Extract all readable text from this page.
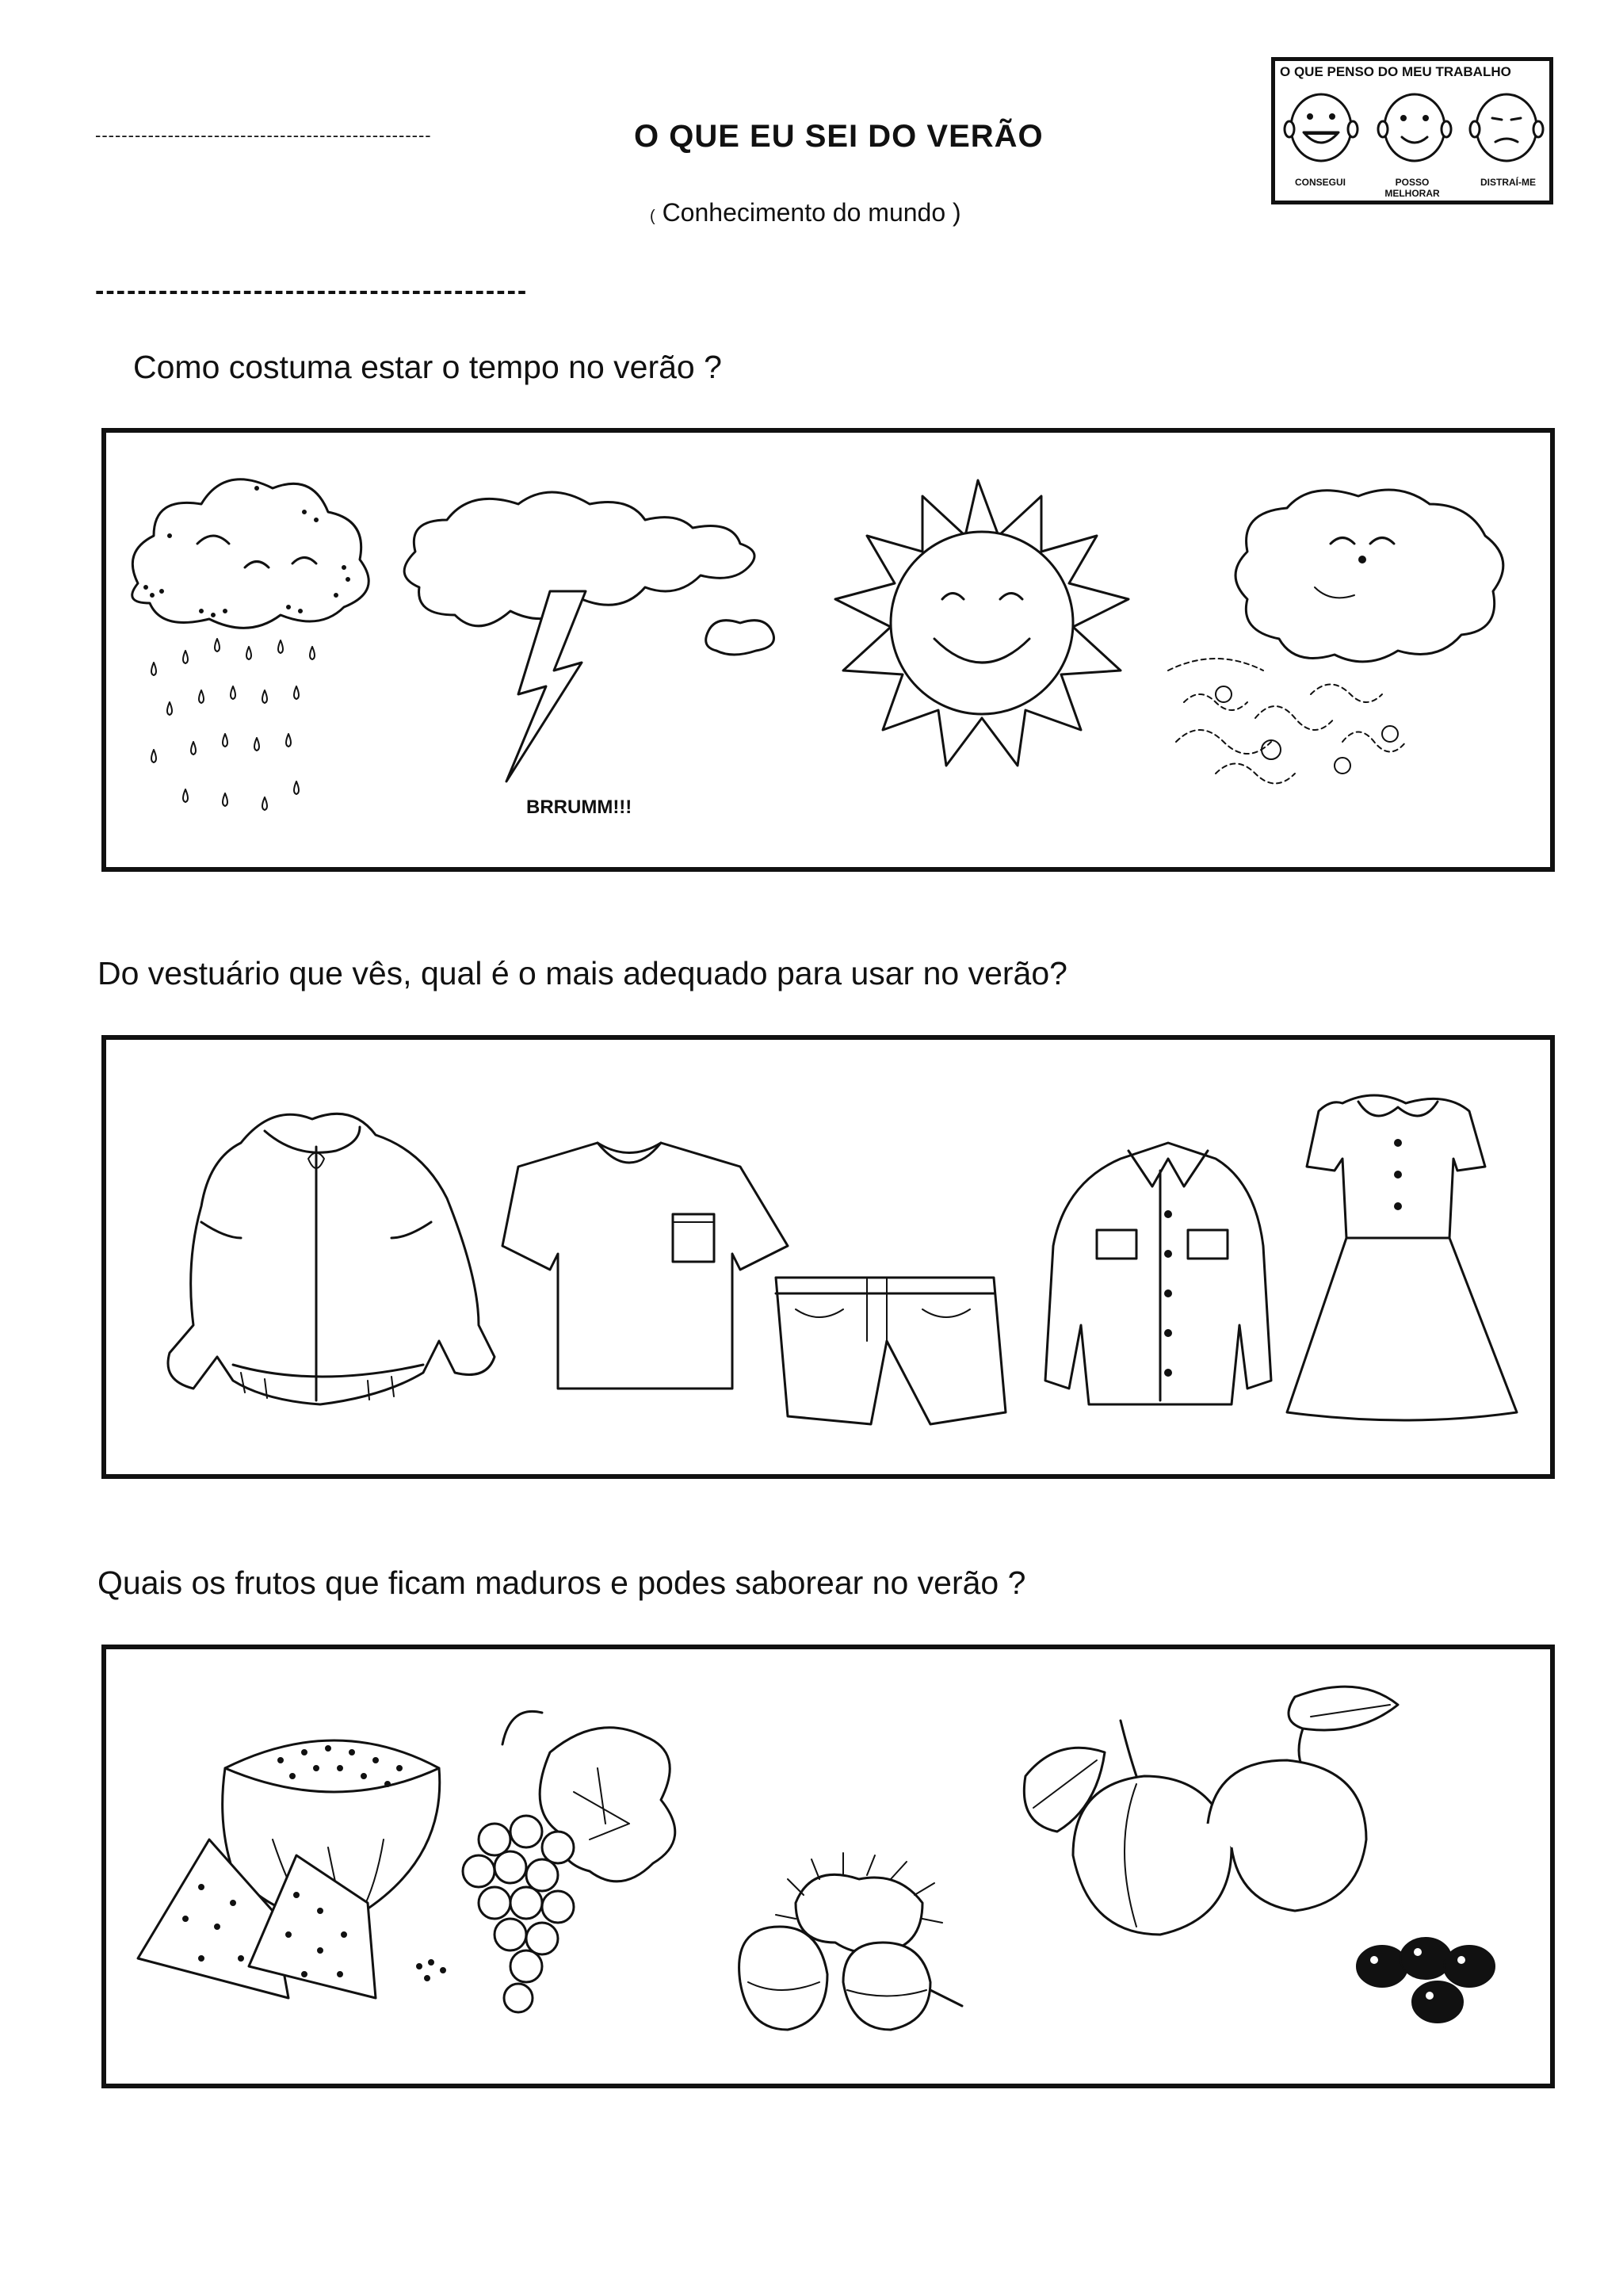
---------------------------------------------------
-----------------------------------------
O QUE EU SEI DO VERÃO
( Conhecimento do mundo )
O QUE PENSO DO MEU TRABALHO
CONSEGUI	POSSO
MELHORAR
DISTRAÍ-ME
Como costuma estar o tempo no verão ?
BRRUMM!!!
Do vestuário que vês, qual é o mais adequado para usar no verão?
Quais os frutos que ficam maduros e podes saborear no verão ?
